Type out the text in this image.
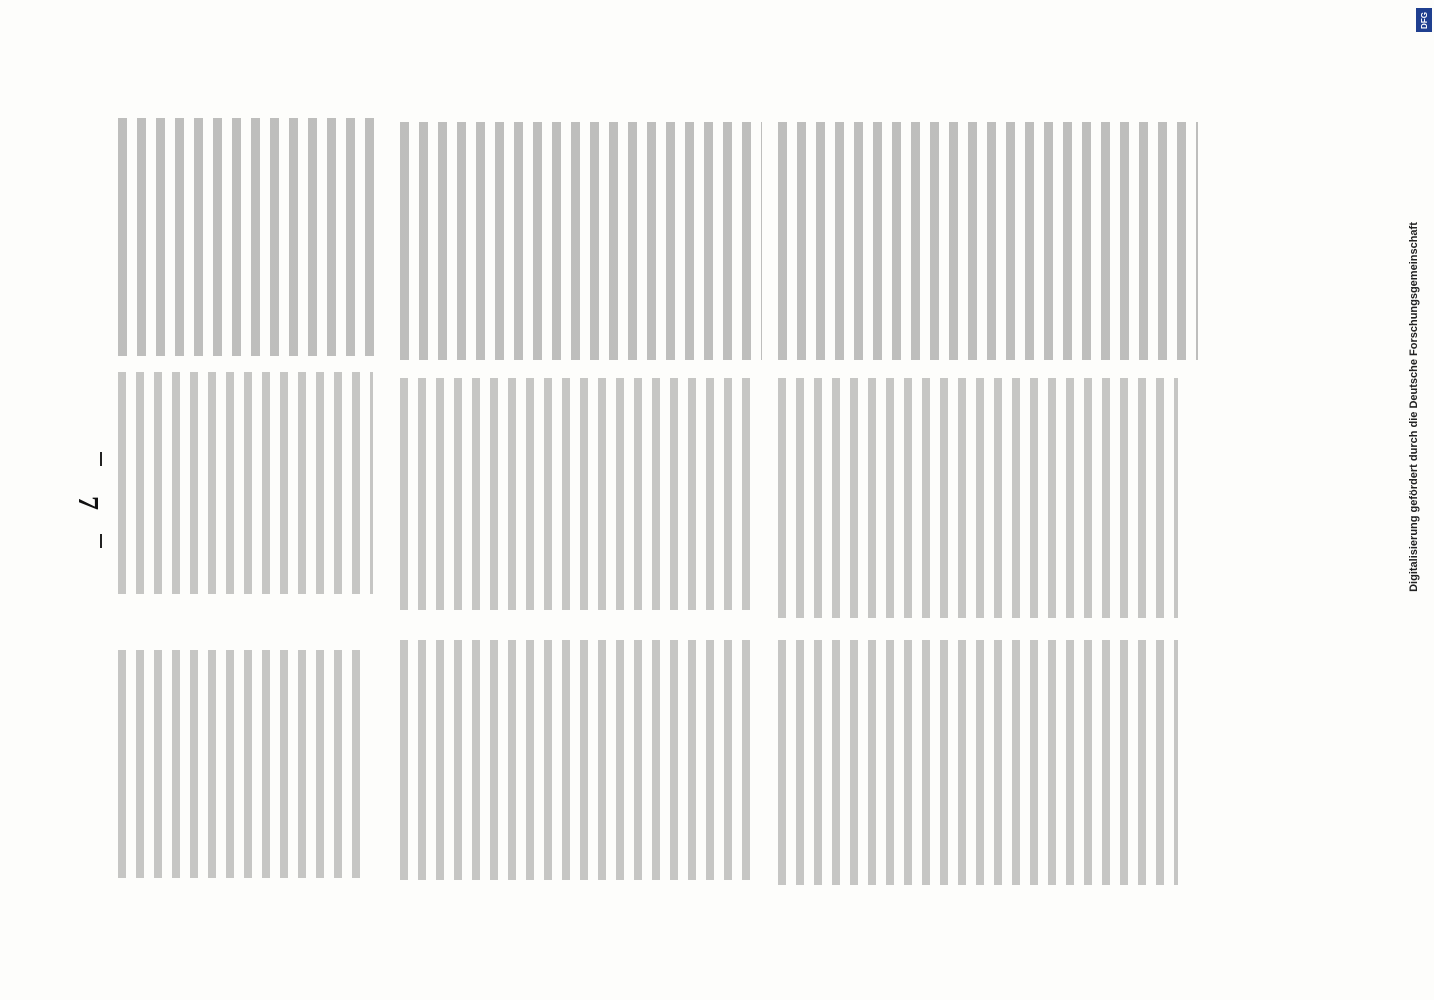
7	Digitalisierung gefördert durch die Deutsche Forschungsgemeinschaft
DFG
